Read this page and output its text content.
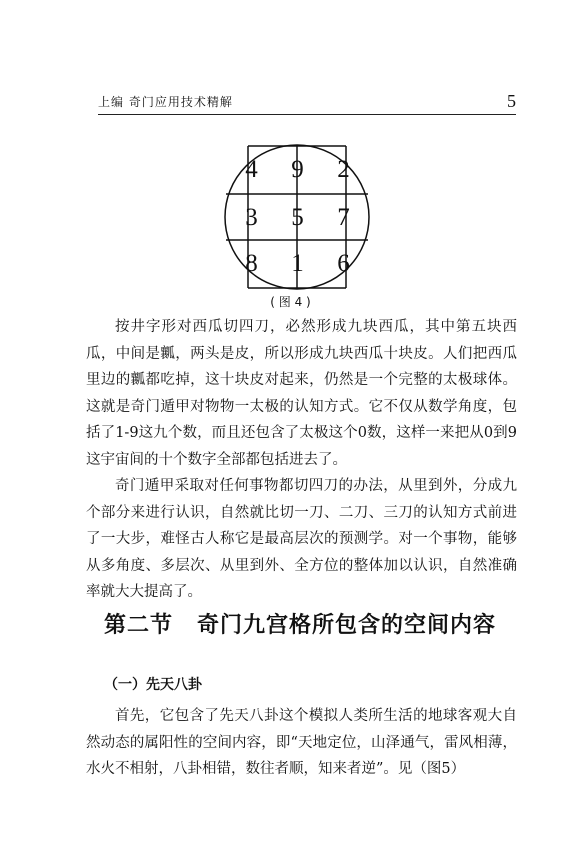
上编 奇门应用技术精解	5
4	9	2
3	5	7
8	1	6
( 图 4 )

按井字形对西瓜切四刀，必然形成九块西瓜，其中第五块西瓜，中间是瓤，两头是皮，所以形成九块西瓜十块皮。人们把西瓜里边的瓤都吃掉，这十块皮对起来，仍然是一个完整的太极球体。这就是奇门遁甲对物物一太极的认知方式。它不仅从数学角度，包括了1-9这九个数，而且还包含了太极这个0数，这样一来把从0到9这宇宙间的十个数字全部都包括进去了。

奇门遁甲采取对任何事物都切四刀的办法，从里到外，分成九个部分来进行认识，自然就比切一刀、二刀、三刀的认知方式前进了一大步，难怪古人称它是最高层次的预测学。对一个事物，能够从多角度、多层次、从里到外、全方位的整体加以认识，自然准确率就大大提高了。

第二节 奇门九宫格所包含的空间内容
（一）先天八卦

首先，它包含了先天八卦这个模拟人类所生活的地球客观大自然动态的属阳性的空间内容，即“天地定位，山泽通气，雷风相薄，水火不相射，八卦相错，数往者顺，知来者逆”。见（图5）
